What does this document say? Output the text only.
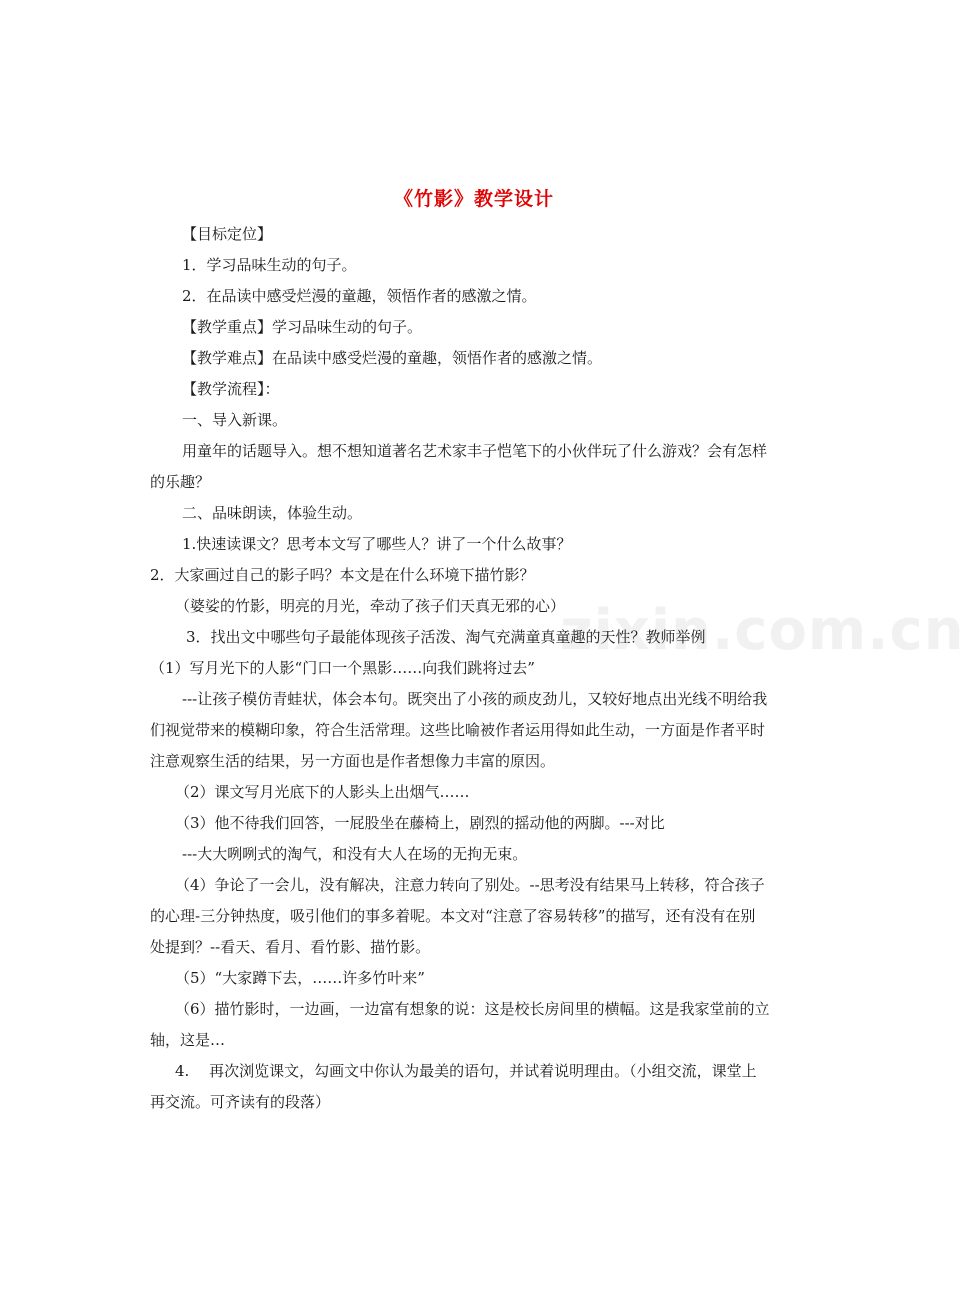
zixin.com.cn
《竹影》教学设计

【目标定位】

1．学习品味生动的句子。

2．在品读中感受烂漫的童趣，领悟作者的感激之情。

【教学重点】学习品味生动的句子。

【教学难点】在品读中感受烂漫的童趣，领悟作者的感激之情。

【教学流程】：

一、导入新课。

用童年的话题导入。想不想知道著名艺术家丰子恺笔下的小伙伴玩了什么游戏？会有怎样的乐趣？

二、品味朗读，体验生动。

1.快速读课文？思考本文写了哪些人？讲了一个什么故事？

2．大家画过自己的影子吗？本文是在什么环境下描竹影？

（婆娑的竹影，明亮的月光，牵动了孩子们天真无邪的心）

3．找出文中哪些句子最能体现孩子活泼、淘气充满童真童趣的天性？教师举例

（1）写月光下的人影“门口一个黑影……向我们跳将过去”

---让孩子模仿青蛙状，体会本句。既突出了小孩的顽皮劲儿，又较好地点出光线不明给我们视觉带来的模糊印象，符合生活常理。这些比喻被作者运用得如此生动，一方面是作者平时注意观察生活的结果，另一方面也是作者想像力丰富的原因。

（2）课文写月光底下的人影头上出烟气……

（3）他不待我们回答，一屁股坐在藤椅上，剧烈的摇动他的两脚。---对比

---大大咧咧式的淘气，和没有大人在场的无拘无束。

（4）争论了一会儿，没有解决，注意力转向了别处。--思考没有结果马上转移，符合孩子的心理-三分钟热度，吸引他们的事多着呢。本文对“注意了容易转移”的描写，还有没有在别处提到？--看天、看月、看竹影、描竹影。

（5）“大家蹲下去，……许多竹叶来”

（6）描竹影时，一边画，一边富有想象的说：这是校长房间里的横幅。这是我家堂前的立轴，这是…

4.　 再次浏览课文，勾画文中你认为最美的语句，并试着说明理由。（小组交流，课堂上再交流。可齐读有的段落）
